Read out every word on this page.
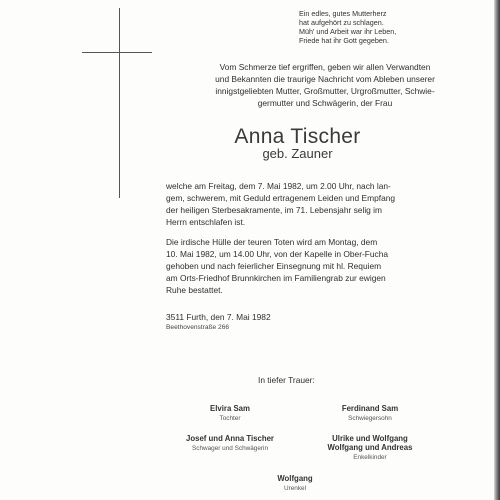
Ein edles, gutes Mutterherz
hat aufgehört zu schlagen.
Müh' und Arbeit war ihr Leben,
Friede hat ihr Gott gegeben.
Vom Schmerze tief ergriffen, geben wir allen Verwandten
und Bekannten die traurige Nachricht vom Ableben unserer
innigstgeliebten Mutter, Großmutter, Urgroßmutter, Schwie-
germutter und Schwägerin, der Frau
Anna Tischer
geb. Zauner
welche am Freitag, dem 7. Mai 1982, um 2.00 Uhr, nach lan-
gem, schwerem, mit Geduld ertragenem Leiden und Empfang
der heiligen Sterbesakramente, im 71. Lebensjahr selig im
Herrn entschlafen ist.
Die irdische Hülle der teuren Toten wird am Montag, dem
10. Mai 1982, um 14.00 Uhr, von der Kapelle in Ober-Fucha
gehoben und nach feierlicher Einsegnung mit hl. Requiem
am Orts-Friedhof Brunnkirchen im Familiengrab zur ewigen
Ruhe bestattet.
3511 Furth, den 7. Mai 1982
Beethovenstraße 266
In tiefer Trauer:
Elvira Sam
Tochter
Ferdinand Sam
Schwiegersohn
Josef und Anna Tischer
Schwager und Schwägerin
Ulrike und Wolfgang
Wolfgang und Andreas
Enkelkinder
Wolfgang
Urenkel
